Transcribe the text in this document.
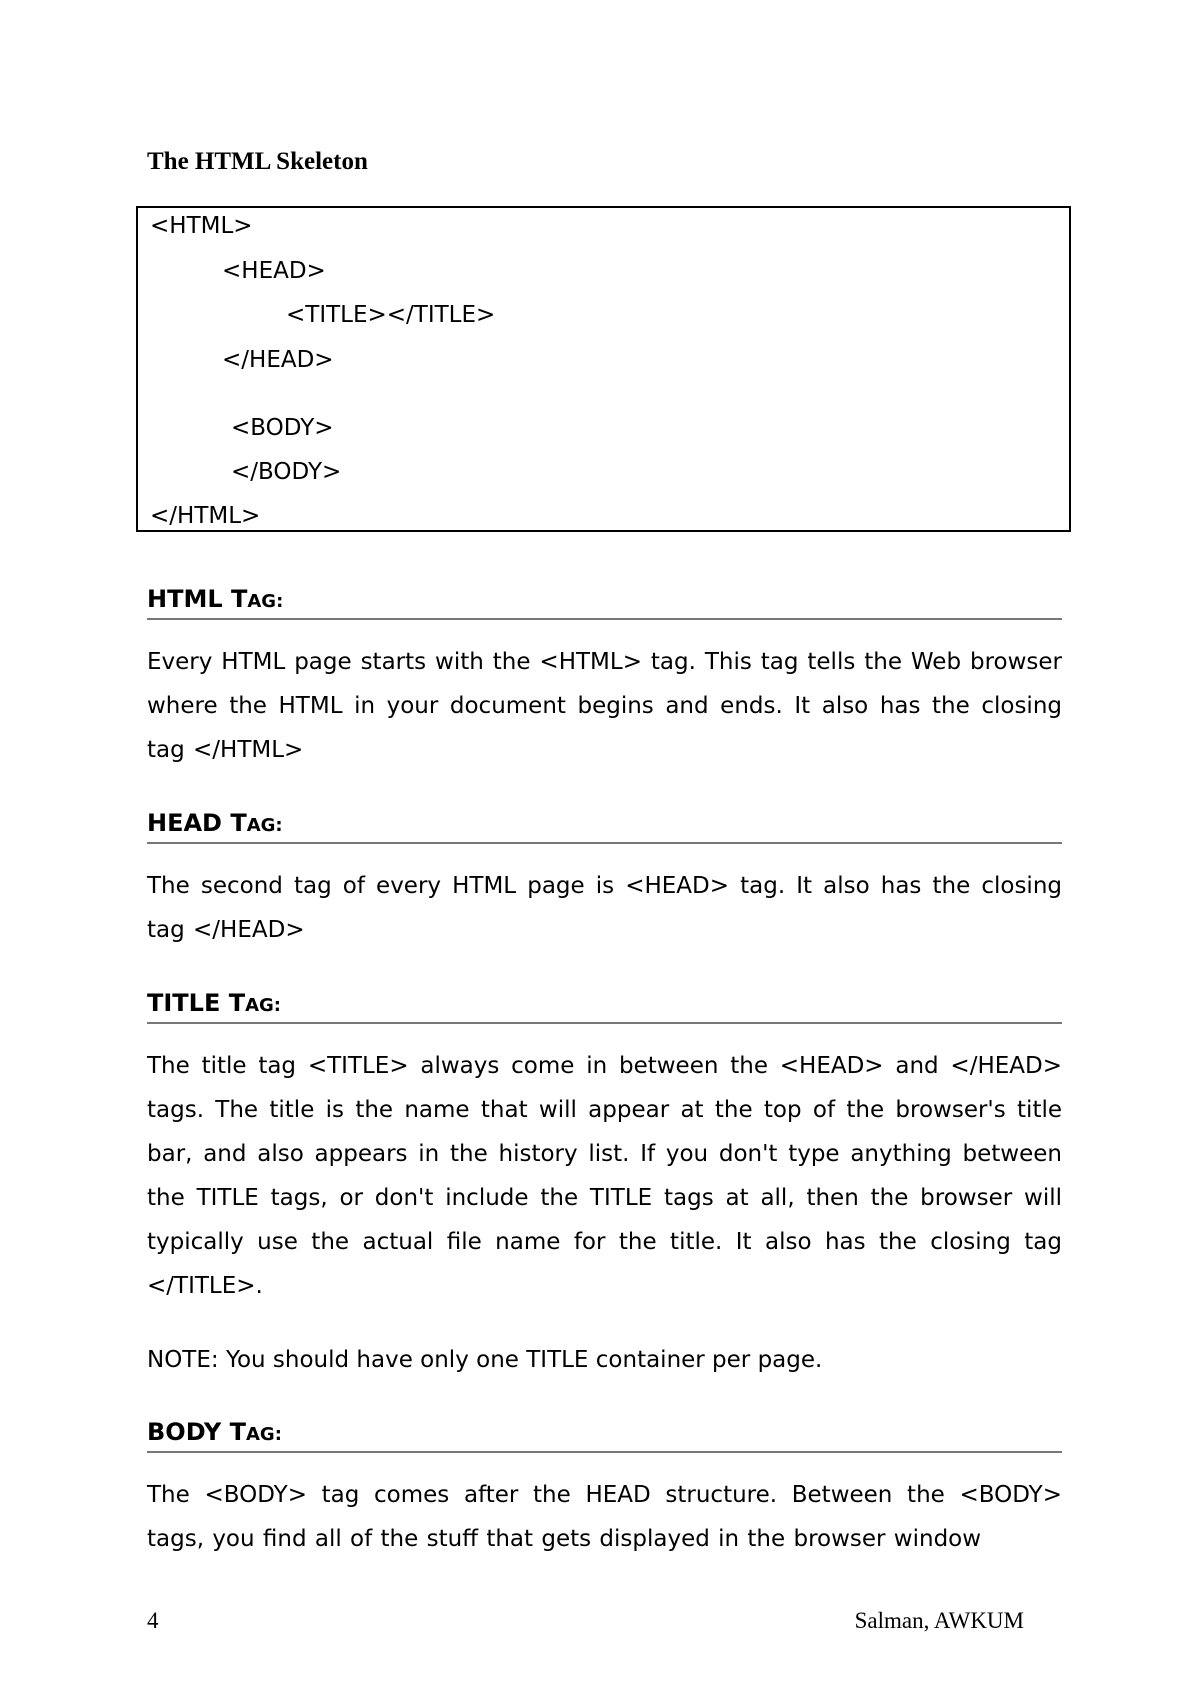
The HTML Skeleton
<HTML>
<HEAD>
<TITLE></TITLE>
</HEAD>
<BODY>
</BODY>
</HTML>
HTML TAG:

Every HTML page starts with the <HTML> tag. This tag tells the Web browser where the HTML in your document begins and ends. It also has the closing tag </HTML>

HEAD TAG:

The second tag of every HTML page is <HEAD> tag. It also has the closing tag </HEAD>

TITLE TAG:

The title tag <TITLE> always come in between the <HEAD> and </HEAD> tags. The title is the name that will appear at the top of the browser's title bar, and also appears in the history list. If you don't type anything between the TITLE tags, or don't include the TITLE tags at all, then the browser will typically use the actual file name for the title. It also has the closing tag </TITLE>.

NOTE: You should have only one TITLE container per page.

BODY TAG:

The <BODY> tag comes after the HEAD structure. Between the <BODY> tags, you find all of the stuff that gets displayed in the browser window

4	Salman, AWKUM
